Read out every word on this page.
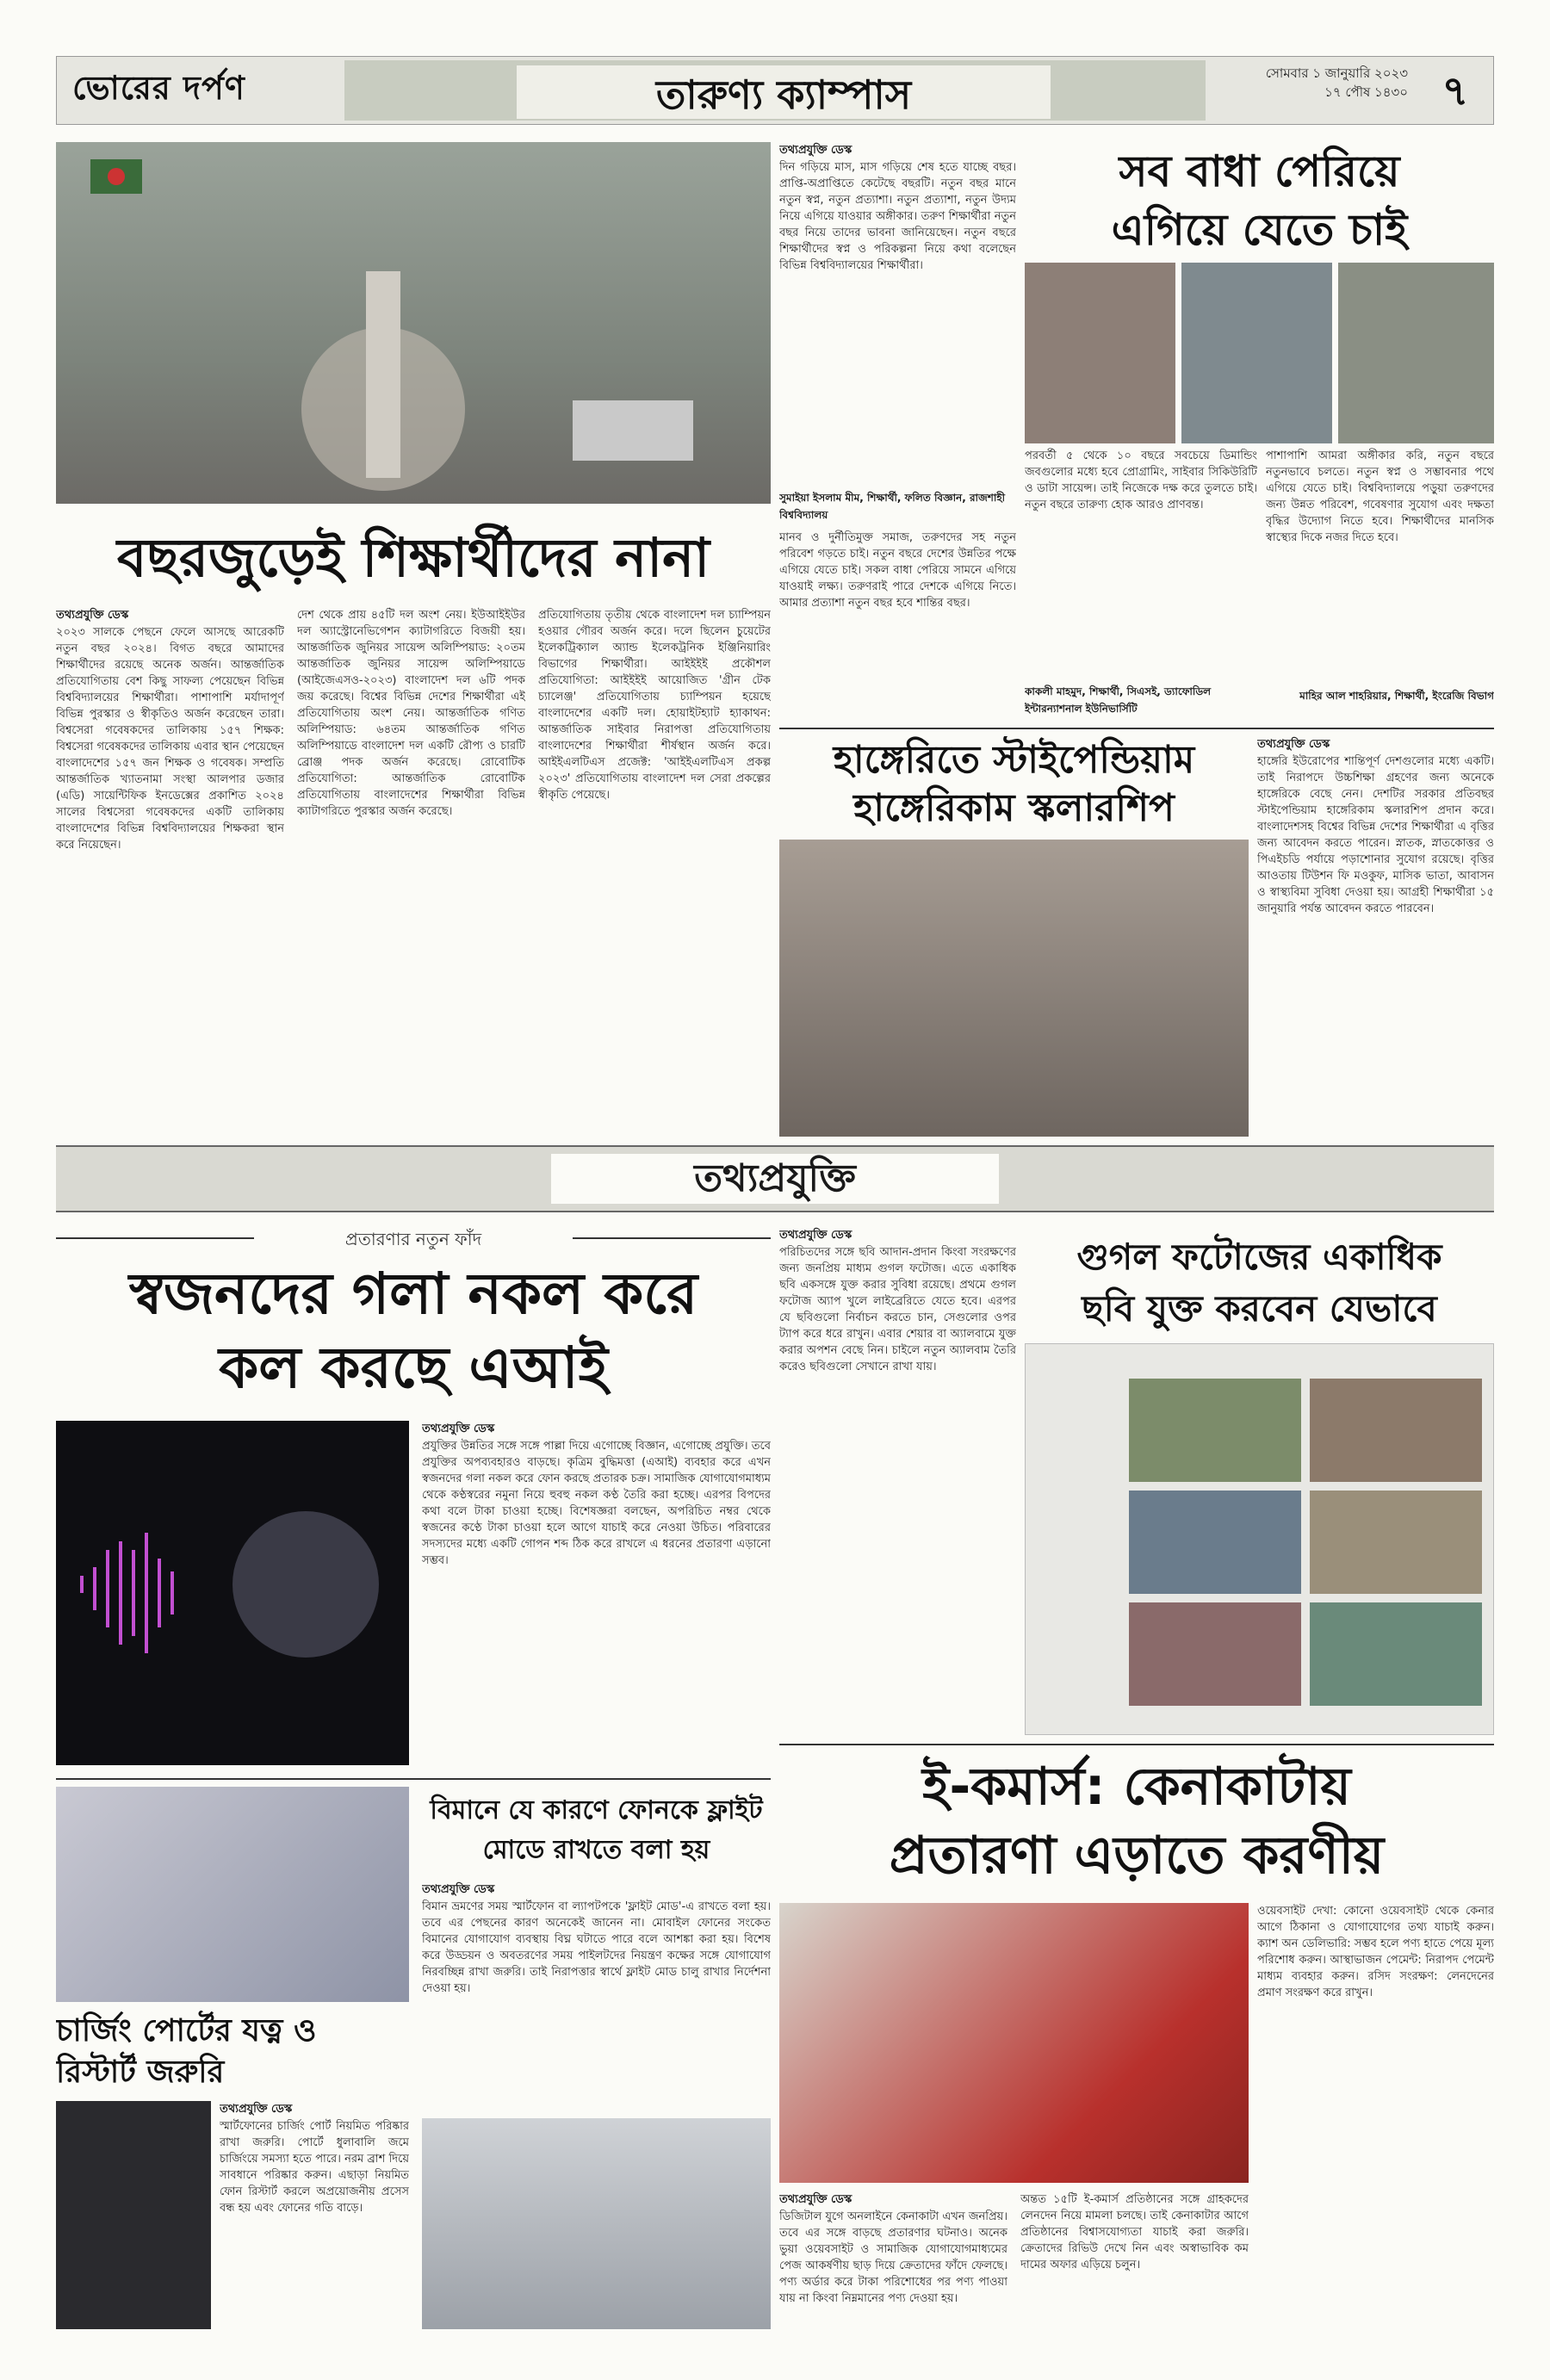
ভোরের দর্পণ	তারুণ্য ক্যাম্পাস	সোমবার ১ জানুয়ারি ২০২৩
১৭ পৌষ ১৪৩০ ৭
বছরজুড়েই শিক্ষার্থীদের নানা
তথ্যপ্রযুক্তি ডেস্ক
২০২৩ সালকে পেছনে ফেলে আসছে আরেকটি নতুন বছর ২০২৪। বিগত বছরে আমাদের শিক্ষার্থীদের রয়েছে অনেক অর্জন। আন্তর্জাতিক প্রতিযোগিতায় বেশ কিছু সাফল্য পেয়েছেন বিভিন্ন বিশ্ববিদ্যালয়ের শিক্ষার্থীরা। পাশাপাশি মর্যাদাপূর্ণ বিভিন্ন পুরস্কার ও স্বীকৃতিও অর্জন করেছেন তারা। বিশ্বসেরা গবেষকদের তালিকায় ১৫৭ শিক্ষক: বিশ্বসেরা গবেষকদের তালিকায় এবার স্থান পেয়েছেন বাংলাদেশের ১৫৭ জন শিক্ষক ও গবেষক। সম্প্রতি আন্তর্জাতিক খ্যাতনামা সংস্থা আলপার ডজার (এডি) সায়েন্টিফিক ইনডেক্সের প্রকাশিত ২০২৪ সালের বিশ্বসেরা গবেষকদের একটি তালিকায় বাংলাদেশের বিভিন্ন বিশ্ববিদ্যালয়ের শিক্ষকরা স্থান করে নিয়েছেন।
দেশ থেকে প্রায় ৪৫টি দল অংশ নেয়। ইউআইইউর দল অ্যাস্ট্রোনেভিগেশন ক্যাটাগরিতে বিজয়ী হয়। আন্তর্জাতিক জুনিয়র সায়েন্স অলিম্পিয়াড: ২০তম আন্তর্জাতিক জুনিয়র সায়েন্স অলিম্পিয়াডে (আইজেএসও-২০২৩) বাংলাদেশ দল ৬টি পদক জয় করেছে। বিশ্বের বিভিন্ন দেশের শিক্ষার্থীরা এই প্রতিযোগিতায় অংশ নেয়। আন্তর্জাতিক গণিত অলিম্পিয়াড: ৬৪তম আন্তর্জাতিক গণিত অলিম্পিয়াডে বাংলাদেশ দল একটি রৌপ্য ও চারটি ব্রোঞ্জ পদক অর্জন করেছে। রোবোটিক প্রতিযোগিতা: আন্তর্জাতিক রোবোটিক প্রতিযোগিতায় বাংলাদেশের শিক্ষার্থীরা বিভিন্ন ক্যাটাগরিতে পুরস্কার অর্জন করেছে।
প্রতিযোগিতায় তৃতীয় থেকে বাংলাদেশ দল চ্যাম্পিয়ন হওয়ার গৌরব অর্জন করে। দলে ছিলেন চুয়েটের ইলেকট্রিক্যাল অ্যান্ড ইলেকট্রনিক ইঞ্জিনিয়ারিং বিভাগের শিক্ষার্থীরা। আইইইই প্রকৌশল প্রতিযোগিতা: আইইইই আয়োজিত 'গ্রীন টেক চ্যালেঞ্জ' প্রতিযোগিতায় চ্যাম্পিয়ন হয়েছে বাংলাদেশের একটি দল। হোয়াইটহ্যাট হ্যাকাথন: আন্তর্জাতিক সাইবার নিরাপত্তা প্রতিযোগিতায় বাংলাদেশের শিক্ষার্থীরা শীর্ষস্থান অর্জন করে। আইইএলটিএস প্রজেক্ট: 'আইইএলটিএস প্রকল্প ২০২৩' প্রতিযোগিতায় বাংলাদেশ দল সেরা প্রকল্পের স্বীকৃতি পেয়েছে।
তথ্যপ্রযুক্তি ডেস্ক
দিন গড়িয়ে মাস, মাস গড়িয়ে শেষ হতে যাচ্ছে বছর। প্রাপ্তি-অপ্রাপ্তিতে কেটেছে বছরটি। নতুন বছর মানে নতুন স্বপ্ন, নতুন প্রত্যাশা। নতুন প্রত্যাশা, নতুন উদ্যম নিয়ে এগিয়ে যাওয়ার অঙ্গীকার। তরুণ শিক্ষার্থীরা নতুন বছর নিয়ে তাদের ভাবনা জানিয়েছেন। নতুন বছরে শিক্ষার্থীদের স্বপ্ন ও পরিকল্পনা নিয়ে কথা বলেছেন বিভিন্ন বিশ্ববিদ্যালয়ের শিক্ষার্থীরা।
সুমাইয়া ইসলাম মীম, শিক্ষার্থী, ফলিত বিজ্ঞান, রাজশাহী বিশ্ববিদ্যালয়
মানব ও দুর্নীতিমুক্ত সমাজ, তরুণদের সহ নতুন পরিবেশ গড়তে চাই। নতুন বছরে দেশের উন্নতির পক্ষে এগিয়ে যেতে চাই। সকল বাধা পেরিয়ে সামনে এগিয়ে যাওয়াই লক্ষ্য। তরুণরাই পারে দেশকে এগিয়ে নিতে। আমার প্রত্যাশা নতুন বছর হবে শান্তির বছর।
সব বাধা পেরিয়ে
এগিয়ে যেতে চাই
পরবর্তী ৫ থেকে ১০ বছরে সবচেয়ে ডিমান্ডিং জবগুলোর মধ্যে হবে প্রোগ্রামিং, সাইবার সিকিউরিটি ও ডাটা সায়েন্স। তাই নিজেকে দক্ষ করে তুলতে চাই। নতুন বছরে তারুণ্য হোক আরও প্রাণবন্ত।
কাকলী মাহমুদ, শিক্ষার্থী, সিএসই, ড্যাফোডিল ইন্টারন্যাশনাল ইউনিভার্সিটি
পাশাপাশি আমরা অঙ্গীকার করি, নতুন বছরে নতুনভাবে চলতে। নতুন স্বপ্ন ও সম্ভাবনার পথে এগিয়ে যেতে চাই। বিশ্ববিদ্যালয়ে পড়ুয়া তরুণদের জন্য উন্নত পরিবেশ, গবেষণার সুযোগ এবং দক্ষতা বৃদ্ধির উদ্যোগ নিতে হবে। শিক্ষার্থীদের মানসিক স্বাস্থ্যের দিকে নজর দিতে হবে।
মাহির আল শাহরিয়ার, শিক্ষার্থী, ইংরেজি বিভাগ
হাঙ্গেরিতে স্টাইপেন্ডিয়াম
হাঙ্গেরিকাম স্কলারশিপ
তথ্যপ্রযুক্তি ডেস্ক
হাঙ্গেরি ইউরোপের শান্তিপূর্ণ দেশগুলোর মধ্যে একটি। তাই নিরাপদে উচ্চশিক্ষা গ্রহণের জন্য অনেকে হাঙ্গেরিকে বেছে নেন। দেশটির সরকার প্রতিবছর স্টাইপেন্ডিয়াম হাঙ্গেরিকাম স্কলারশিপ প্রদান করে। বাংলাদেশসহ বিশ্বের বিভিন্ন দেশের শিক্ষার্থীরা এ বৃত্তির জন্য আবেদন করতে পারেন। স্নাতক, স্নাতকোত্তর ও পিএইচডি পর্যায়ে পড়াশোনার সুযোগ রয়েছে। বৃত্তির আওতায় টিউশন ফি মওকুফ, মাসিক ভাতা, আবাসন ও স্বাস্থ্যবিমা সুবিধা দেওয়া হয়। আগ্রহী শিক্ষার্থীরা ১৫ জানুয়ারি পর্যন্ত আবেদন করতে পারবেন।
তথ্যপ্রযুক্তি
প্রতারণার নতুন ফাঁদ
স্বজনদের গলা নকল করে
কল করছে এআই
তথ্যপ্রযুক্তি ডেস্ক
প্রযুক্তির উন্নতির সঙ্গে সঙ্গে পাল্লা দিয়ে এগোচ্ছে বিজ্ঞান, এগোচ্ছে প্রযুক্তি। তবে প্রযুক্তির অপব্যবহারও বাড়ছে। কৃত্রিম বুদ্ধিমত্তা (এআই) ব্যবহার করে এখন স্বজনদের গলা নকল করে ফোন করছে প্রতারক চক্র। সামাজিক যোগাযোগমাধ্যম থেকে কণ্ঠস্বরের নমুনা নিয়ে হুবহু নকল কণ্ঠ তৈরি করা হচ্ছে। এরপর বিপদের কথা বলে টাকা চাওয়া হচ্ছে। বিশেষজ্ঞরা বলছেন, অপরিচিত নম্বর থেকে স্বজনের কণ্ঠে টাকা চাওয়া হলে আগে যাচাই করে নেওয়া উচিত। পরিবারের সদস্যদের মধ্যে একটি গোপন শব্দ ঠিক করে রাখলে এ ধরনের প্রতারণা এড়ানো সম্ভব।
তথ্যপ্রযুক্তি ডেস্ক
পরিচিতদের সঙ্গে ছবি আদান-প্রদান কিংবা সংরক্ষণের জন্য জনপ্রিয় মাধ্যম গুগল ফটোজ। এতে একাধিক ছবি একসঙ্গে যুক্ত করার সুবিধা রয়েছে। প্রথমে গুগল ফটোজ অ্যাপ খুলে লাইব্রেরিতে যেতে হবে। এরপর যে ছবিগুলো নির্বাচন করতে চান, সেগুলোর ওপর ট্যাপ করে ধরে রাখুন। এবার শেয়ার বা অ্যালবামে যুক্ত করার অপশন বেছে নিন। চাইলে নতুন অ্যালবাম তৈরি করেও ছবিগুলো সেখানে রাখা যায়।
গুগল ফটোজের একাধিক
ছবি যুক্ত করবেন যেভাবে
বিমানে যে কারণে ফোনকে ফ্লাইট
মোডে রাখতে বলা হয়
তথ্যপ্রযুক্তি ডেস্ক
বিমান ভ্রমণের সময় স্মার্টফোন বা ল্যাপটপকে 'ফ্লাইট মোড'-এ রাখতে বলা হয়। তবে এর পেছনের কারণ অনেকেই জানেন না। মোবাইল ফোনের সংকেত বিমানের যোগাযোগ ব্যবস্থায় বিঘ্ন ঘটাতে পারে বলে আশঙ্কা করা হয়। বিশেষ করে উড্ডয়ন ও অবতরণের সময় পাইলটদের নিয়ন্ত্রণ কক্ষের সঙ্গে যোগাযোগ নিরবচ্ছিন্ন রাখা জরুরি। তাই নিরাপত্তার স্বার্থে ফ্লাইট মোড চালু রাখার নির্দেশনা দেওয়া হয়।
চার্জিং পোর্টের যত্ন ও
রিস্টার্ট জরুরি
তথ্যপ্রযুক্তি ডেস্ক
স্মার্টফোনের চার্জিং পোর্ট নিয়মিত পরিষ্কার রাখা জরুরি। পোর্টে ধুলাবালি জমে চার্জিংয়ে সমস্যা হতে পারে। নরম ব্রাশ দিয়ে সাবধানে পরিষ্কার করুন। এছাড়া নিয়মিত ফোন রিস্টার্ট করলে অপ্রয়োজনীয় প্রসেস বন্ধ হয় এবং ফোনের গতি বাড়ে।
ই-কমার্স: কেনাকাটায়
প্রতারণা এড়াতে করণীয়
তথ্যপ্রযুক্তি ডেস্ক
ডিজিটাল যুগে অনলাইনে কেনাকাটা এখন জনপ্রিয়। তবে এর সঙ্গে বাড়ছে প্রতারণার ঘটনাও। অনেক ভুয়া ওয়েবসাইট ও সামাজিক যোগাযোগমাধ্যমের পেজ আকর্ষণীয় ছাড় দিয়ে ক্রেতাদের ফাঁদে ফেলছে। পণ্য অর্ডার করে টাকা পরিশোধের পর পণ্য পাওয়া যায় না কিংবা নিম্নমানের পণ্য দেওয়া হয়।
অন্তত ১৫টি ই-কমার্স প্রতিষ্ঠানের সঙ্গে গ্রাহকদের লেনদেন নিয়ে মামলা চলছে। তাই কেনাকাটার আগে প্রতিষ্ঠানের বিশ্বাসযোগ্যতা যাচাই করা জরুরি। ক্রেতাদের রিভিউ দেখে নিন এবং অস্বাভাবিক কম দামের অফার এড়িয়ে চলুন।
ওয়েবসাইট দেখা: কোনো ওয়েবসাইট থেকে কেনার আগে ঠিকানা ও যোগাযোগের তথ্য যাচাই করুন। ক্যাশ অন ডেলিভারি: সম্ভব হলে পণ্য হাতে পেয়ে মূল্য পরিশোধ করুন। আস্থাভাজন পেমেন্ট: নিরাপদ পেমেন্ট মাধ্যম ব্যবহার করুন। রসিদ সংরক্ষণ: লেনদেনের প্রমাণ সংরক্ষণ করে রাখুন।
